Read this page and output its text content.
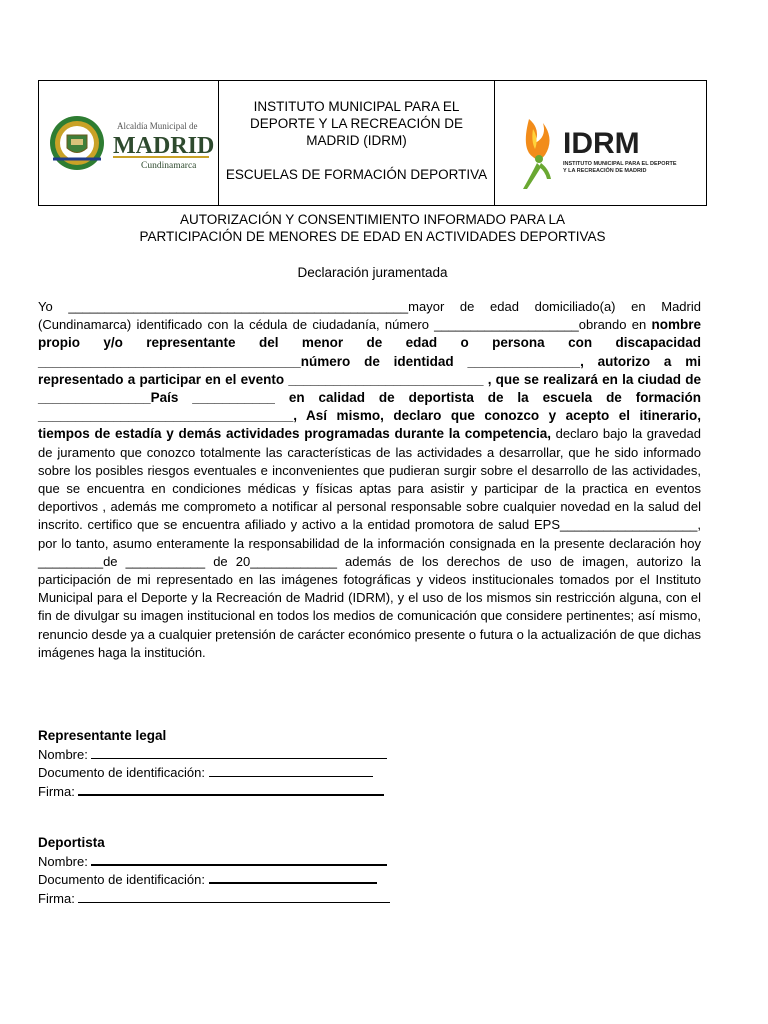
Alcaldía Municipal de
MADRID
Cundinamarca
INSTITUTO MUNICIPAL PARA EL DEPORTE Y LA RECREACIÓN DE MADRID (IDRM)
ESCUELAS DE FORMACIÓN DEPORTIVA
IDRM
INSTITUTO MUNICIPAL PARA EL DEPORTE
Y LA RECREACIÓN DE MADRID
AUTORIZACIÓN Y CONSENTIMIENTO INFORMADO PARA LA
PARTICIPACIÓN DE MENORES DE EDAD EN ACTIVIDADES DEPORTIVAS
Declaración juramentada
Yo _______________________________________________mayor de edad domiciliado(a) en Madrid (Cundinamarca) identificado con la cédula de ciudadanía, número ____________________obrando en nombre propio y/o representante del menor de edad o persona con discapacidad ___________________________________número de identidad _______________, autorizo a mi representado a participar en el evento __________________________ , que se realizará en la ciudad de _______________País ___________ en calidad de deportista de la escuela de formación __________________________________, Así mismo, declaro que conozco y acepto el itinerario, tiempos de estadía y demás actividades programadas durante la competencia, declaro bajo la gravedad de juramento que conozco totalmente las características de las actividades a desarrollar, que he sido informado sobre los posibles riesgos eventuales e inconvenientes que pudieran surgir sobre el desarrollo de las actividades, que se encuentra en condiciones médicas y físicas aptas para asistir y participar de la practica en eventos deportivos , además me comprometo a notificar al personal responsable sobre cualquier novedad en la salud del inscrito. certifico que se encuentra afiliado y activo a la entidad promotora de salud EPS___________________, por lo tanto, asumo enteramente la responsabilidad de la información consignada en la presente declaración hoy _________de ___________ de 20____________ además de los derechos de uso de imagen, autorizo la participación de mi representado en las imágenes fotográficas y videos institucionales tomados por el Instituto Municipal para el Deporte y la Recreación de Madrid (IDRM), y el uso de los mismos sin restricción alguna, con el fin de divulgar su imagen institucional en todos los medios de comunicación que considere pertinentes; así mismo, renuncio desde ya a cualquier pretensión de carácter económico presente o futura o la actualización de que dichas imágenes haga la institución.
Representante legal
Nombre:
Documento de identificación:
Firma:
Deportista
Nombre:
Documento de identificación:
Firma:
